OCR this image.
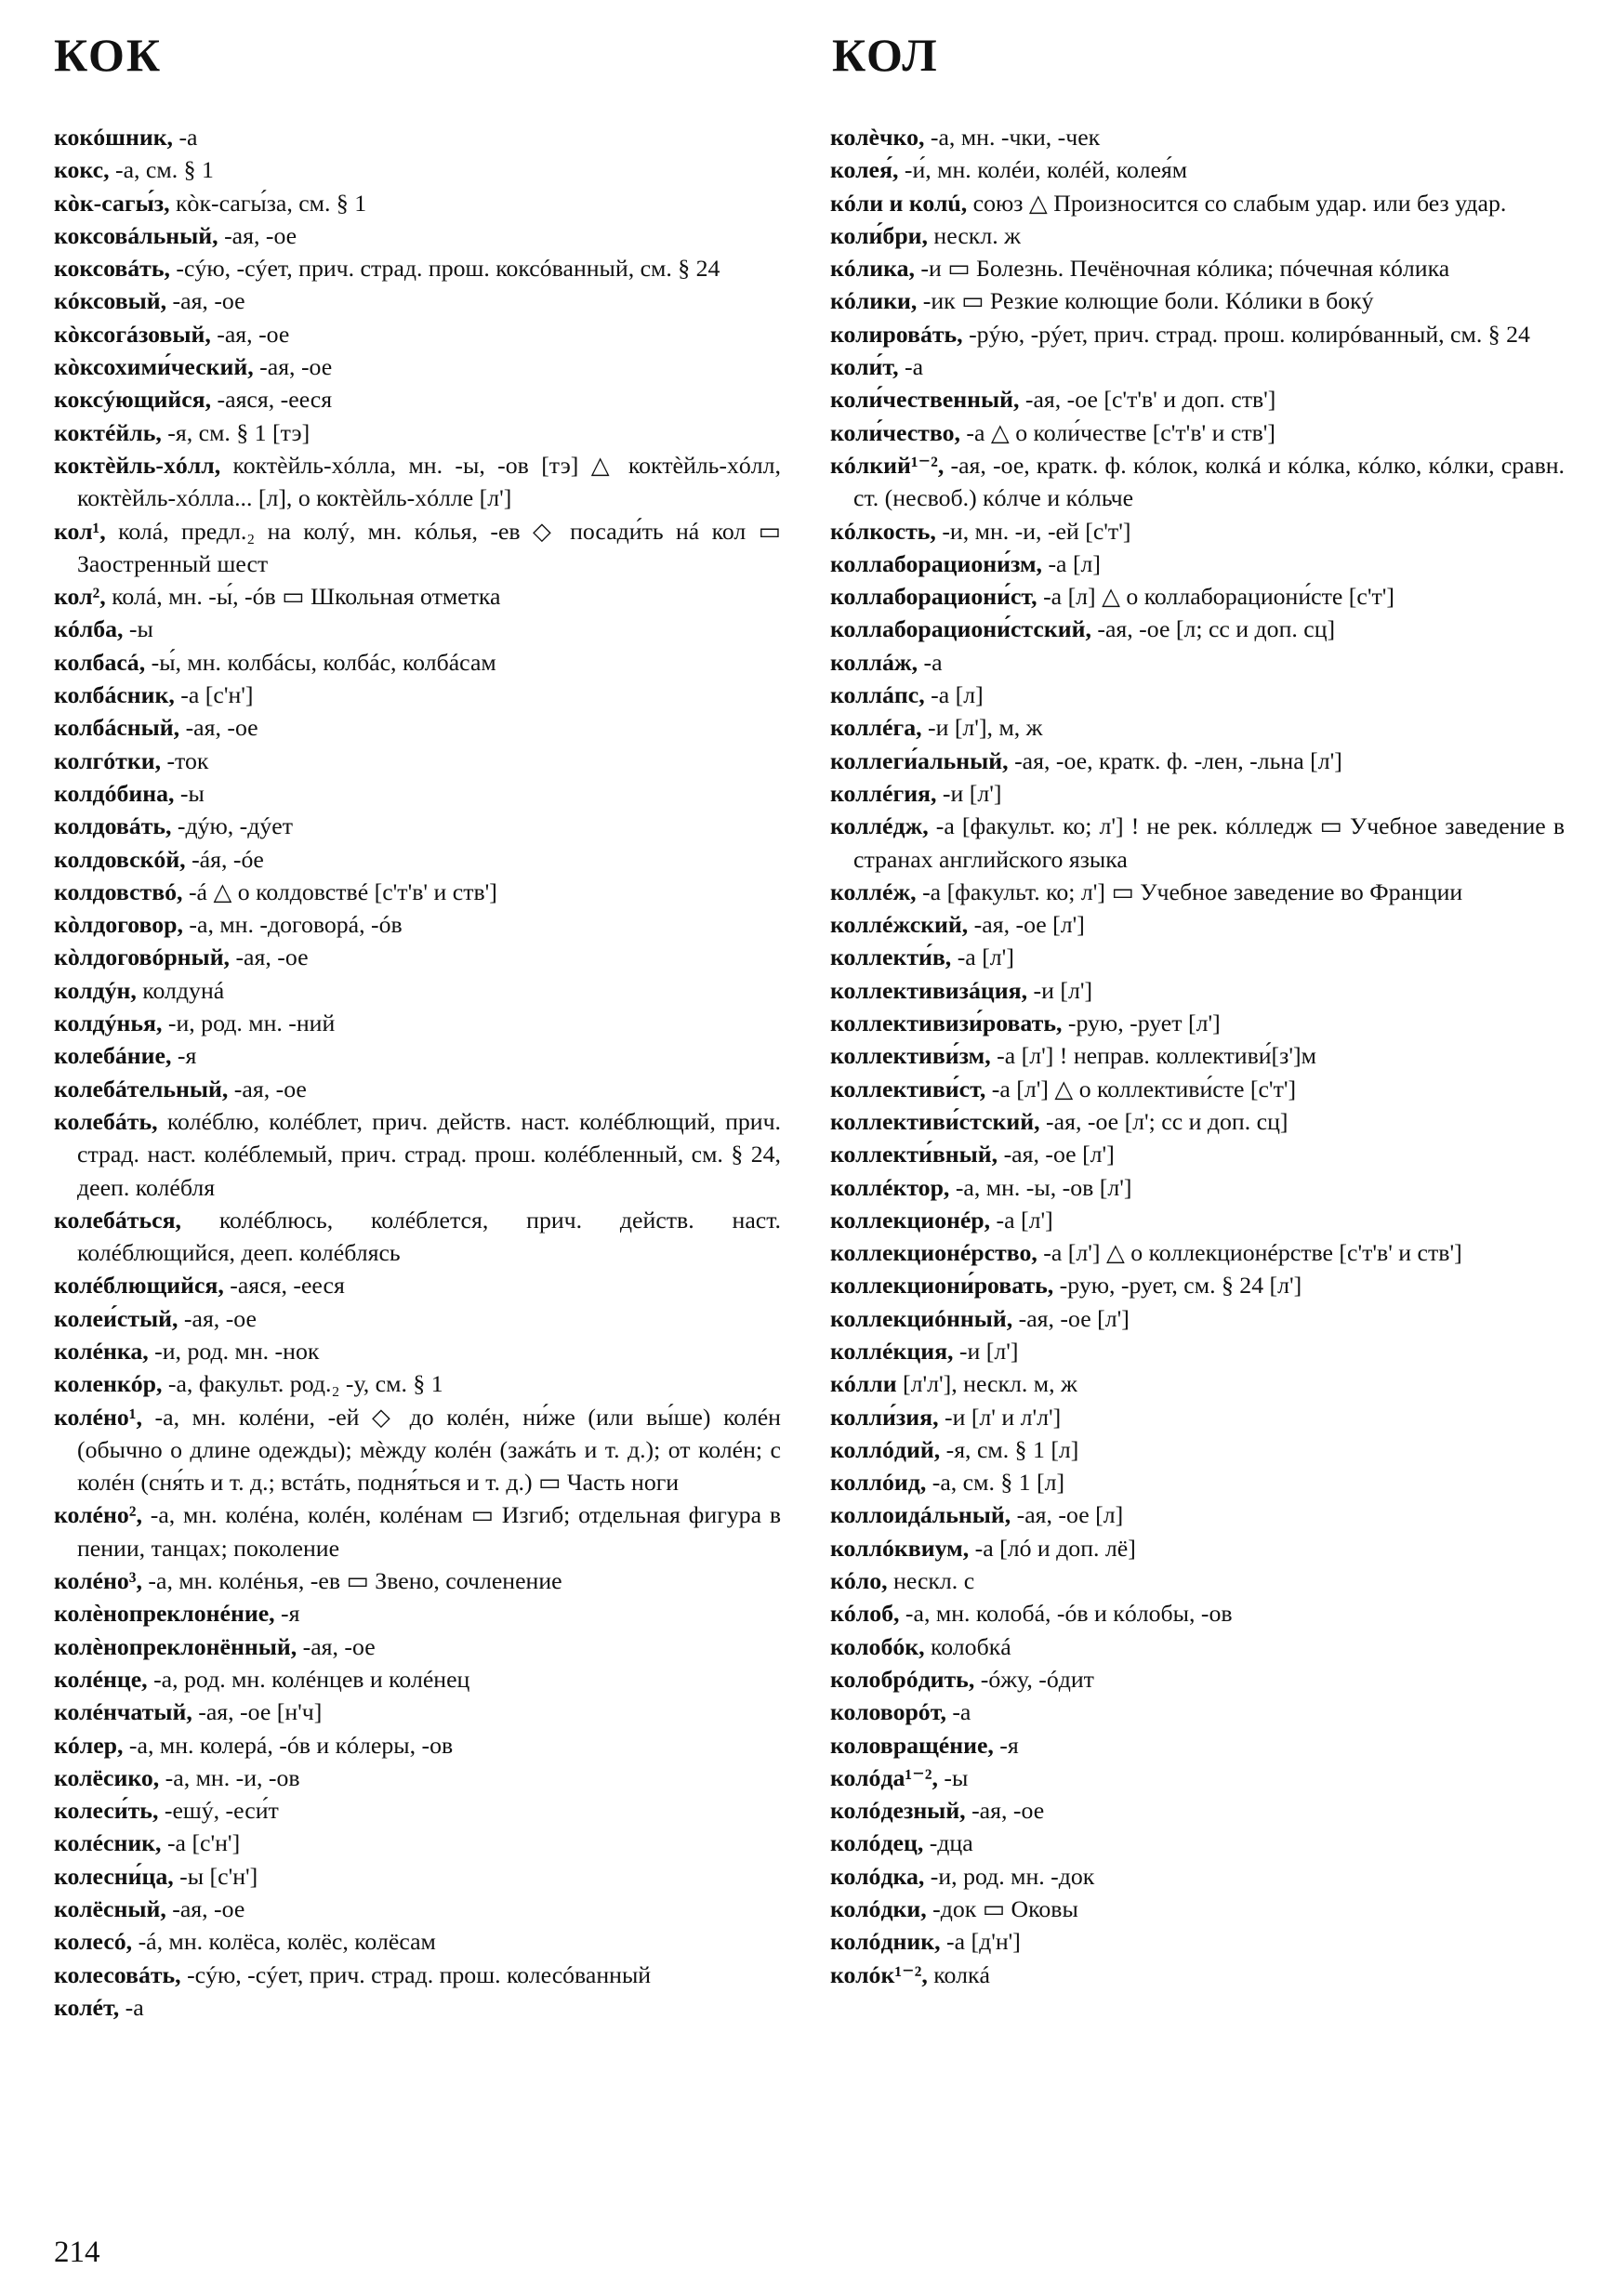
КОК	КОЛ

кокóшник, -а

кокс, -а, см. § 1

кòк-сагы́з, кòк-сагы́за, см. § 1

коксовáльный, -ая, -ое

коксовáть, -сýю, -сýет, прич. страд. прош. коксóванный, см. § 24

кóксовый, -ая, -ое

кòксогáзовый, -ая, -ое

кòксохими́ческий, -ая, -ое

коксýющийся, -аяся, -ееся

коктéйль, -я, см. § 1 [тэ]

коктèйль-хóлл, коктèйль-хóлла, мн. -ы, -ов [тэ] △ коктèйль-хóлл, коктèйль-хóлла... [л], о коктèйль-хóлле [л']

кол¹, колá, предл.₂ на колý, мн. кóлья, -ев ◇ посади́ть нá кол ▭ Заостренный шест

кол², колá, мн. -ы́, -óв ▭ Школьная отметка

кóлба, -ы

колбасá, -ы́, мн. колбáсы, колбáс, колбáсам

колбáсник, -а [с'н']

колбáсный, -ая, -ое

колгóтки, -ток

колдóбина, -ы

колдовáть, -дýю, -дýет

колдовскóй, -áя, -óе

колдовствó, -á △ о колдовствé [с'т'в' и ств']

кòлдоговор, -а, мн. -договорá, -óв

кòлдоговóрный, -ая, -ое

колдýн, колдунá

колдýнья, -и, род. мн. -ний

колебáние, -я

колебáтельный, -ая, -ое

колебáть, колéблю, колéблет, прич. действ. наст. колéблющий, прич. страд. наст. колéблемый, прич. страд. прош. колéбленный, см. § 24, дееп. колéбля

колебáться, колéблюсь, колéблется, прич. действ. наст. колéблющийся, дееп. колéблясь

колéблющийся, -аяся, -ееся

колеи́стый, -ая, -ое

колéнка, -и, род. мн. -нок

коленкóр, -а, факульт. род.₂ -у, см. § 1

колéно¹, -а, мн. колéни, -ей ◇ до колéн, ни́же (или вы́ше) колéн (обычно о длине одежды); мèжду колéн (зажáть и т. д.); от колéн; с колéн (сня́ть и т. д.; встáть, подня́ться и т. д.) ▭ Часть ноги

колéно², -а, мн. колéна, колéн, колéнам ▭ Изгиб; отдельная фигура в пении, танцах; поколение

колéно³, -а, мн. колéнья, -ев ▭ Звено, сочленение

колѐнопреклонéние, -я

колѐнопреклонённый, -ая, -ое

колéнце, -а, род. мн. колéнцев и колéнец

колéнчатый, -ая, -ое [н'ч]

кóлер, -а, мн. колерá, -óв и кóлеры, -ов

колёсико, -а, мн. -и, -ов

колеси́ть, -ешý, -еси́т

колéсник, -а [с'н']

колесни́ца, -ы [с'н']

колёсный, -ая, -ое

колесó, -á, мн. колёса, колёс, колёсам

колесовáть, -сýю, -сýет, прич. страд. прош. колесóванный

колéт, -а

колèчко, -а, мн. -чки, -чек

колея́, -и́, мн. колéи, колéй, колея́м

кóли и колú, союз △ Произносится со слабым удар. или без удар.

коли́бри, нескл. ж

кóлика, -и ▭ Болезнь. Печёночная кóлика; пóчечная кóлика

кóлики, -ик ▭ Резкие колющие боли. Кóлики в бокý

колировáть, -рýю, -рýет, прич. страд. прош. колирóванный, см. § 24

коли́т, -а

коли́чественный, -ая, -ое [с'т'в' и доп. ств']

коли́чество, -а △ о коли́честве [с'т'в' и ств']

кóлкий¹⁻², -ая, -ое, кратк. ф. кóлок, колкá и кóлка, кóлко, кóлки, сравн. ст. (несвоб.) кóлче и кóльче

кóлкость, -и, мн. -и, -ей [с'т']

коллаборациони́зм, -а [л]

коллаборациони́ст, -а [л] △ о коллаборациони́сте [с'т']

коллаборациони́стский, -ая, -ое [л; сс и доп. сц]

коллáж, -а

коллáпс, -а [л]

коллéга, -и [л'], м, ж

коллеги́альный, -ая, -ое, кратк. ф. -лен, -льна [л']

коллéгия, -и [л']

коллéдж, -а [факульт. ко; л'] ! не рек. кóлледж ▭ Учебное заведение в странах английского языка

коллéж, -а [факульт. ко; л'] ▭ Учебное заведение во Франции

коллéжский, -ая, -ое [л']

коллекти́в, -а [л']

коллективизáция, -и [л']

коллективизи́ровать, -рую, -рует [л']

коллективи́зм, -а [л'] ! неправ. коллективи́[з']м

коллективи́ст, -а [л'] △ о коллективи́сте [с'т']

коллективи́стский, -ая, -ое [л'; сс и доп. сц]

коллекти́вный, -ая, -ое [л']

коллéктор, -а, мн. -ы, -ов [л']

коллекционéр, -а [л']

коллекционéрство, -а [л'] △ о коллекционéрстве [с'т'в' и ств']

коллекциони́ровать, -рую, -рует, см. § 24 [л']

коллекциóнный, -ая, -ое [л']

коллéкция, -и [л']

кóлли [л'л'], нескл. м, ж

колли́зия, -и [л' и л'л']

коллóдий, -я, см. § 1 [л]

коллóид, -а, см. § 1 [л]

коллоидáльный, -ая, -ое [л]

коллóквиум, -а [лó и доп. лё]

кóло, нескл. с

кóлоб, -а, мн. колобá, -óв и кóлобы, -ов

колобóк, колобкá

колобрóдить, -óжу, -óдит

коловорóт, -а

коловращéние, -я

колóда¹⁻², -ы

колóдезный, -ая, -ое

колóдец, -дца

колóдка, -и, род. мн. -док

колóдки, -док ▭ Оковы

колóдник, -а [д'н']

колóк¹⁻², колкá

214
